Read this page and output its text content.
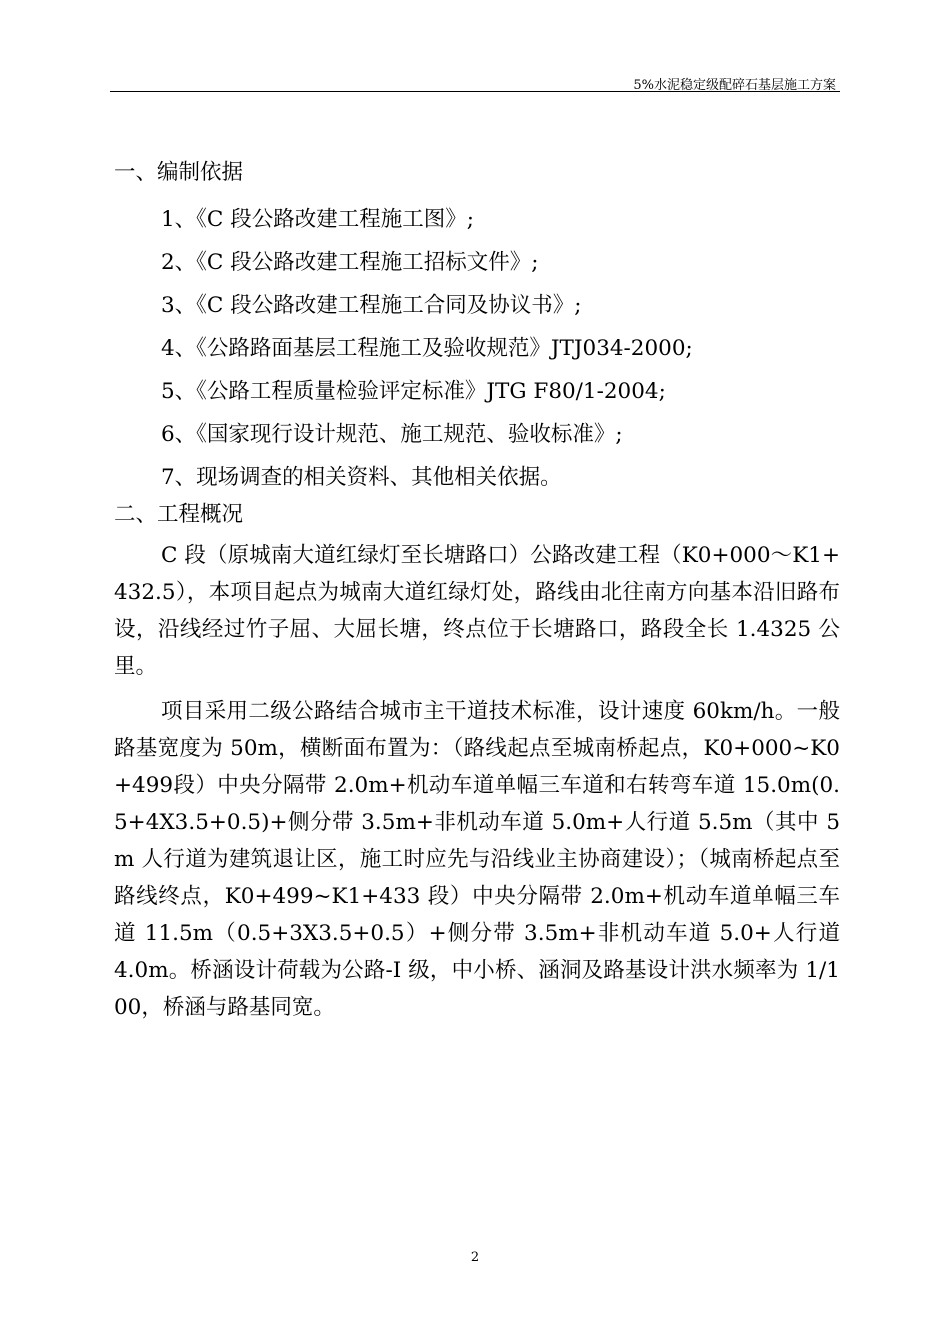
5%水泥稳定级配碎石基层施工方案
一、编制依据
1、《C 段公路改建工程施工图》;
2、《C 段公路改建工程施工招标文件》;
3、《C 段公路改建工程施工合同及协议书》;
4、《公路路面基层工程施工及验收规范》JTJ034-2000;
5、《公路工程质量检验评定标准》JTG F80/1-2004;
6、《国家现行设计规范、施工规范、验收标准》;
7、现场调查的相关资料、其他相关依据。
二、工程概况

C 段（原城南大道红绿灯至长塘路口）公路改建工程（K0+000～K1+432.5），本项目起点为城南大道红绿灯处，路线由北往南方向基本沿旧路布设，沿线经过竹子屈、大屈长塘，终点位于长塘路口，路段全长 1.4325 公里。

项目采用二级公路结合城市主干道技术标准，设计速度 60km/h。一般路基宽度为 50m，横断面布置为：（路线起点至城南桥起点，K0+000~K0+499段）中央分隔带 2.0m+机动车道单幅三车道和右转弯车道 15.0m(0.5+4X3.5+0.5)+侧分带 3.5m+非机动车道 5.0m+人行道 5.5m（其中 5m 人行道为建筑退让区，施工时应先与沿线业主协商建设）；（城南桥起点至路线终点，K0+499~K1+433 段）中央分隔带 2.0m+机动车道单幅三车道 11.5m（0.5+3X3.5+0.5）+侧分带 3.5m+非机动车道 5.0+人行道 4.0m。桥涵设计荷载为公路-I 级，中小桥、涵洞及路基设计洪水频率为 1/100，桥涵与路基同宽。

2
